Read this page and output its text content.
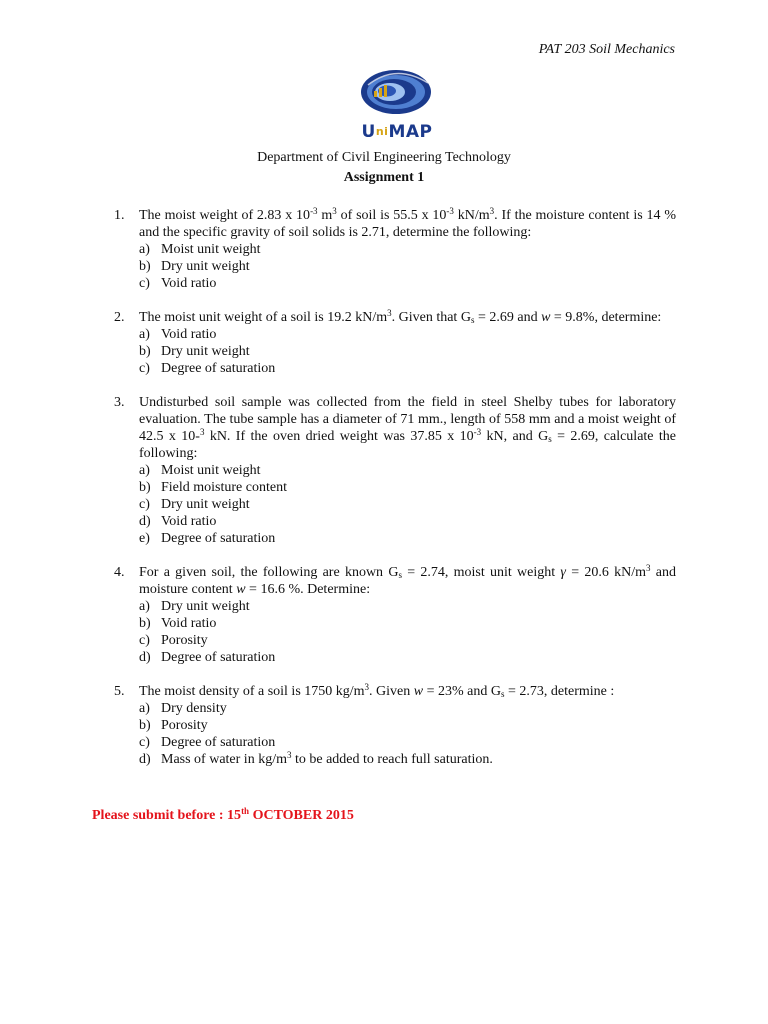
PAT 203 Soil Mechanics
UniMAP
Department of Civil Engineering Technology
Assignment 1
1. The moist weight of 2.83 x $10^{-3}$ $m^3$ of soil is 55.5 x $10^{-3}$ $kN/m^3$. If the moisture content is 14 % and the specific gravity of soil solids is 2.71, determine the following:
a) Moist unit weight
b) Dry unit weight
c) Void ratio
2. The moist unit weight of a soil is 19.2 $kN/m^3$. Given that $G_s = 2.69$ and w = 9.8%, determine:
a) Void ratio
b) Dry unit weight
c) Degree of saturation
3. Undisturbed soil sample was collected from the field in steel Shelby tubes for laboratory evaluation. The tube sample has a diameter of 71 mm., length of 558 mm and a moist weight of 42.5 x 10-$^3$ kN. If the oven dried weight was 37.85 x $10^{-3}$ kN, and $G_s = 2.69$, calculate the following:
a) Moist unit weight
b) Field moisture content
c) Dry unit weight
d) Void ratio
e) Degree of saturation
4. For a given soil, the following are known $G_s = 2.74$, moist unit weight γ = 20.6 $kN/m^3$ and moisture content w = 16.6 %. Determine:
a) Dry unit weight
b) Void ratio
c) Porosity
d) Degree of saturation
5. The moist density of a soil is 1750 $kg/m^3$. Given w = 23% and $G_s = 2.73$, determine :
a) Dry density
b) Porosity
c) Degree of saturation
d) Mass of water in $kg/m^3$ to be added to reach full saturation.
Please submit before : 15th OCTOBER 2015
